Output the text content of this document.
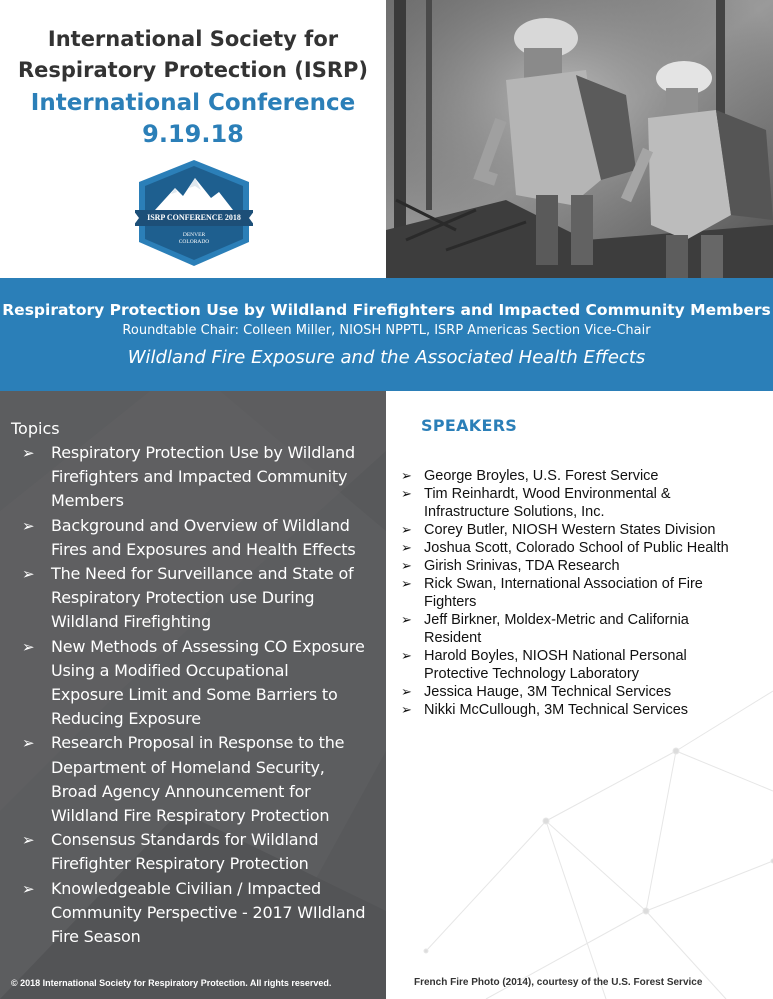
International Society for
Respiratory Protection (ISRP)
International Conference
9.19.18
ISRP CONFERENCE 2018
DENVER
COLORADO
Respiratory Protection Use by Wildland Firefighters and Impacted Community Members
Roundtable Chair: Colleen Miller, NIOSH NPPTL, ISRP Americas Section Vice-Chair
Wildland Fire Exposure and the Associated Health Effects
Topics
➢ Respiratory Protection Use by Wildland
Firefighters and Impacted Community
Members
➢ Background and Overview of Wildland
Fires and Exposures and Health Effects
➢ The Need for Surveillance and State of
Respiratory Protection use During
Wildland Firefighting
➢ New Methods of Assessing CO Exposure
Using a Modified Occupational
Exposure Limit and Some Barriers to
Reducing Exposure
➢ Research Proposal in Response to the
Department of Homeland Security,
Broad Agency Announcement for
Wildland Fire Respiratory Protection
➢ Consensus Standards for Wildland
Firefighter Respiratory Protection
➢ Knowledgeable Civilian / Impacted
Community Perspective - 2017 WIldland
Fire Season
© 2018 International Society for Respiratory Protection. All rights reserved.
SPEAKERS
➢ George Broyles, U.S. Forest Service
➢ Tim Reinhardt, Wood Environmental &
Infrastructure Solutions, Inc.
➢ Corey Butler, NIOSH Western States Division
➢ Joshua Scott, Colorado School of Public Health
➢ Girish Srinivas, TDA Research
➢ Rick Swan, International Association of Fire
Fighters
➢ Jeff Birkner, Moldex-Metric and California
Resident
➢ Harold Boyles, NIOSH National Personal
Protective Technology Laboratory
➢ Jessica Hauge, 3M Technical Services
➢ Nikki McCullough, 3M Technical Services
French Fire Photo (2014), courtesy of the U.S. Forest Service
